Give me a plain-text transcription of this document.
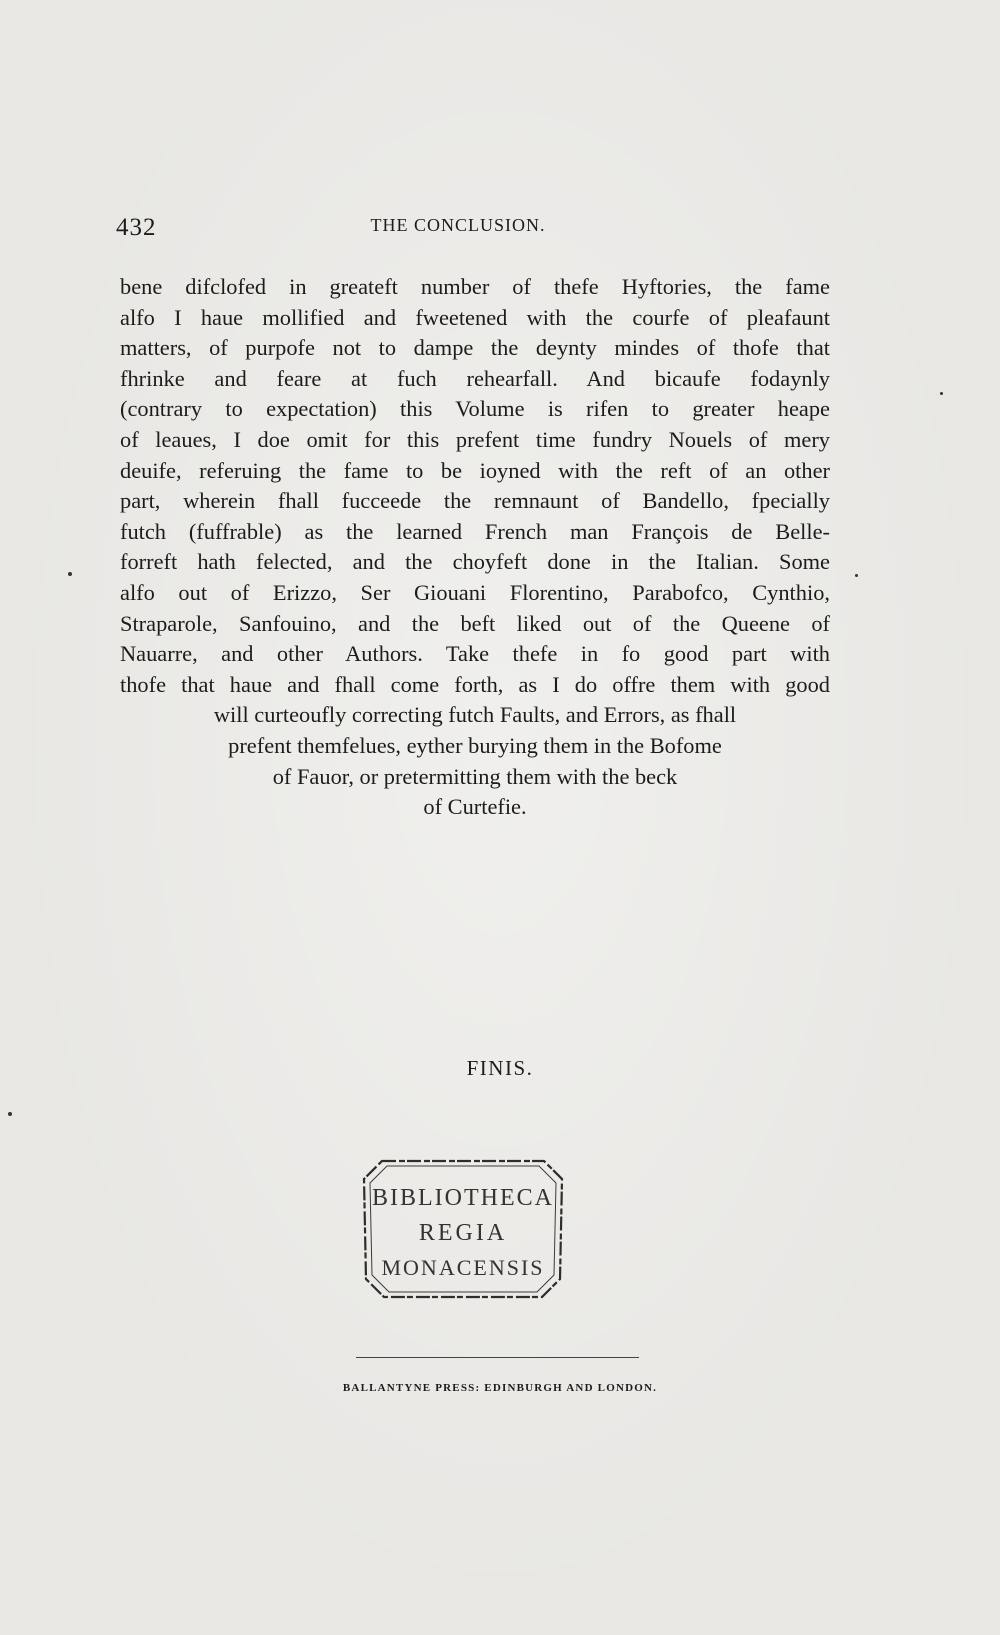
432	THE CONCLUSION.
bene difclofed in greateft number of thefe Hyftories, the fame
alfo I haue mollified and fweetened with the courfe of pleafaunt
matters, of purpofe not to dampe the deynty mindes of thofe that
fhrinke and feare at fuch rehearfall. And bicaufe fodaynly
(contrary to expectation) this Volume is rifen to greater heape
of leaues, I doe omit for this prefent time fundry Nouels of mery
deuife, referuing the fame to be ioyned with the reft of an other
part, wherein fhall fucceede the remnaunt of Bandello, fpecially
futch (fuffrable) as the learned French man François de Belle-
forreft hath felected, and the choyfeft done in the Italian. Some
alfo out of Erizzo, Ser Giouani Florentino, Parabofco, Cynthio,
Straparole, Sanfouino, and the beft liked out of the Queene of
Nauarre, and other Authors. Take thefe in fo good part with
thofe that haue and fhall come forth, as I do offre them with good
will curteoufly correcting futch Faults, and Errors, as fhall
prefent themfelues, eyther burying them in the Bofome
of Fauor, or pretermitting them with the beck
of Curtefie.
FINIS.
BIBLIOTHECA
REGIA
MONACENSIS
BALLANTYNE PRESS: EDINBURGH AND LONDON.
